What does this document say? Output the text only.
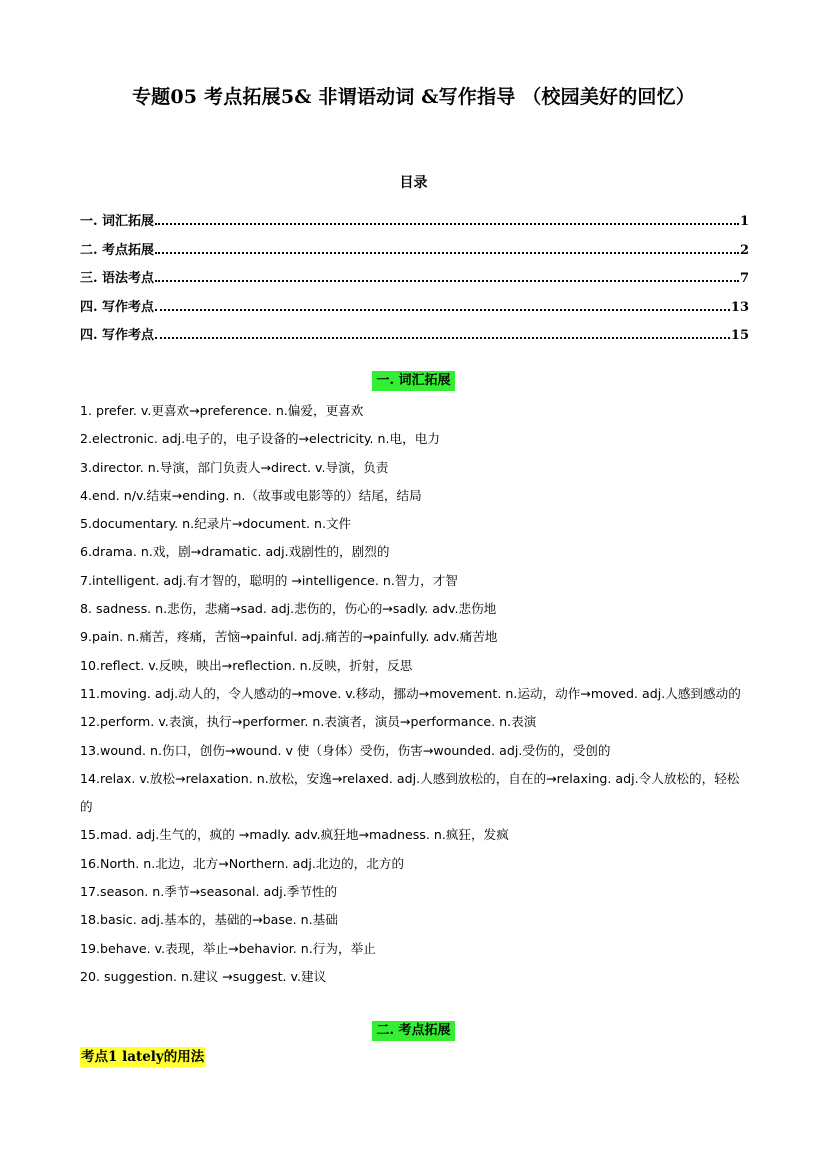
专题05 考点拓展5& 非谓语动词 &写作指导 （校园美好的回忆）
目录
一. 词汇拓展	1
二. 考点拓展	2
三. 语法考点	7
四. 写作考点	13
四. 写作考点	15
一. 词汇拓展

1. prefer. v.更喜欢→preference. n.偏爱，更喜欢

2.electronic. adj.电子的，电子设备的→electricity. n.电，电力

3.director. n.导演，部门负责人→direct. v.导演，负责

4.end. n/v.结束→ending. n.（故事或电影等的）结尾，结局

5.documentary. n.纪录片→document. n.文件

6.drama. n.戏，剧→dramatic. adj.戏剧性的，剧烈的

7.intelligent. adj.有才智的，聪明的 →intelligence. n.智力，才智

8. sadness. n.悲伤，悲痛→sad. adj.悲伤的，伤心的→sadly. adv.悲伤地

9.pain. n.痛苦，疼痛，苦恼→painful. adj.痛苦的→painfully. adv.痛苦地

10.reflect. v.反映，映出→reflection. n.反映，折射，反思

11.moving. adj.动人的，令人感动的→move. v.移动，挪动→movement. n.运动，动作→moved. adj.人感到感动的

12.perform. v.表演，执行→performer. n.表演者，演员→performance. n.表演

13.wound. n.伤口，创伤→wound. v 使（身体）受伤，伤害→wounded. adj.受伤的，受创的

14.relax. v.放松→relaxation. n.放松，安逸→relaxed. adj.人感到放松的，自在的→relaxing. adj.令人放松的，轻松的

15.mad. adj.生气的，疯的 →madly. adv.疯狂地→madness. n.疯狂，发疯

16.North. n.北边，北方→Northern. adj.北边的，北方的

17.season. n.季节→seasonal. adj.季节性的

18.basic. adj.基本的，基础的→base. n.基础

19.behave. v.表现，举止→behavior. n.行为，举止

20. suggestion. n.建议 →suggest. v.建议

二. 考点拓展
考点1 lately的用法
